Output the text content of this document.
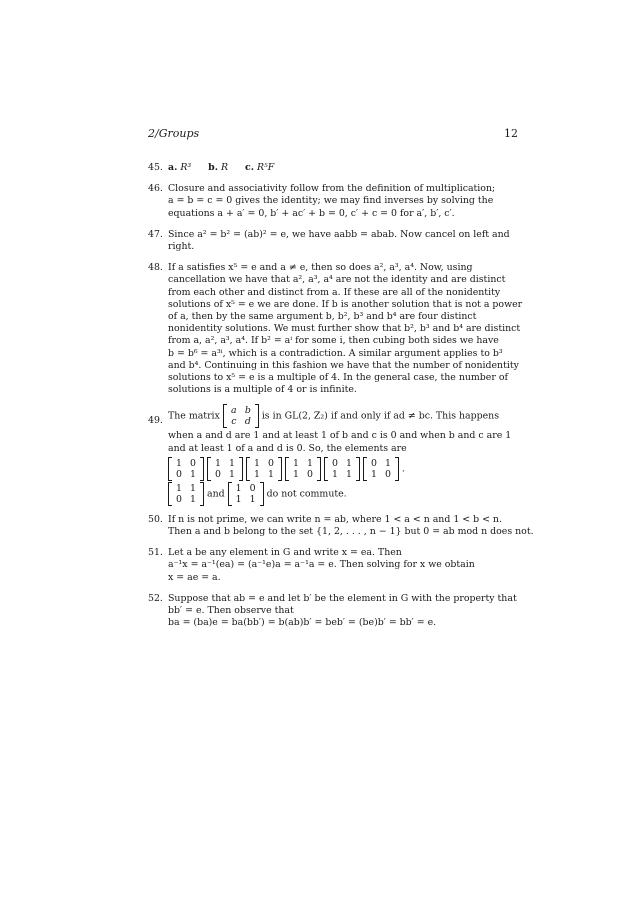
2/Groups	12
45. a. R³ b. R c. R⁵F
46. Closure and associativity follow from the definition of multiplication;
a = b = c = 0 gives the identity; we may find inverses by solving the
equations a + a′ = 0, b′ + ac′ + b = 0, c′ + c = 0 for a′, b′, c′.
47. Since a² = b² = (ab)² = e, we have aabb = abab. Now cancel on left and
right.
48. If a satisfies x⁵ = e and a ≠ e, then so does a², a³, a⁴. Now, using
cancellation we have that a², a³, a⁴ are not the identity and are distinct
from each other and distinct from a. If these are all of the nonidentity
solutions of x⁵ = e we are done. If b is another solution that is not a power
of a, then by the same argument b, b², b³ and b⁴ are four distinct
nonidentity solutions. We must further show that b², b³ and b⁴ are distinct
from a, a², a³, a⁴. If b² = aⁱ for some i, then cubing both sides we have
b = b⁶ = a³ⁱ, which is a contradiction. A similar argument applies to b³
and b⁴. Continuing in this fashion we have that the number of nonidentity
solutions to x⁵ = e is a multiple of 4. In the general case, the number of
solutions is a multiple of 4 or is infinite.
49. The matrix	a b
c d	is in GL(2, Z₂) if and only if ad ≠ bc. This happens
when a and d are 1 and at least 1 of b and c is 0 and when b and c are 1
and at least 1 of a and d is 0. So, the elements are
1 0
0 1

1 1
0 1

1 0
1 1

1 1
1 0

0 1
1 1

0 1
1 0	.
1 1
0 1	and	1 0
1 1	do not commute.
50. If n is not prime, we can write n = ab, where 1 < a < n and 1 < b < n.
Then a and b belong to the set {1, 2, . . . , n − 1} but 0 = ab mod n does not.
51. Let a be any element in G and write x = ea. Then
a⁻¹x = a⁻¹(ea) = (a⁻¹e)a = a⁻¹a = e. Then solving for x we obtain
x = ae = a.
52. Suppose that ab = e and let b′ be the element in G with the property that
bb′ = e. Then observe that
ba = (ba)e = ba(bb′) = b(ab)b′ = beb′ = (be)b′ = bb′ = e.
